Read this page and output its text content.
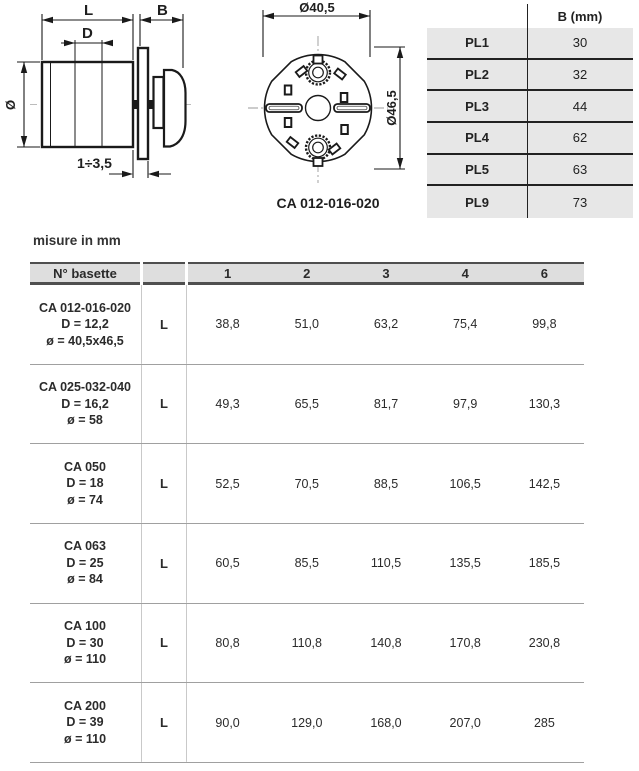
L	B
D
Ø
1÷3,5
Ø40,5
Ø46,5
CA 012-016-020
B (mm)
PL1	30
PL2	32
PL3	44
PL4	62
PL5	63
PL9	73
misure in mm
N° basette	1	2	3	4	6
CA 012-016-020
D = 12,2
ø = 40,5x46,5
L	38,8	51,0	63,2	75,4	99,8
CA 025-032-040
D = 16,2
ø = 58
L	49,3	65,5	81,7	97,9	130,3
CA 050
D = 18
ø = 74
L	52,5	70,5	88,5	106,5	142,5
CA 063
D = 25
ø = 84
L	60,5	85,5	110,5	135,5	185,5
CA 100
D = 30
ø = 110
L	80,8	110,8	140,8	170,8	230,8
CA 200
D = 39
ø = 110
L	90,0	129,0	168,0	207,0	285
